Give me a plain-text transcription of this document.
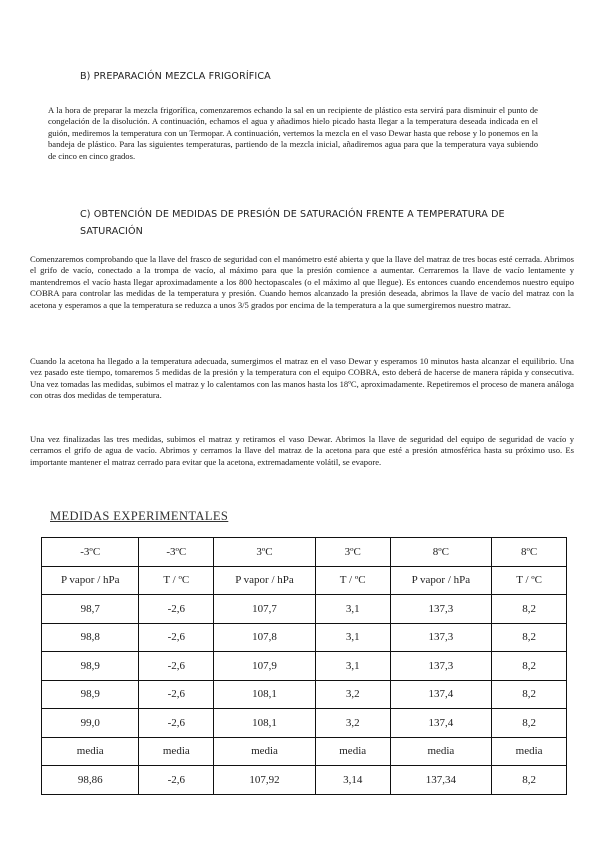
B) PREPARACIÓN MEZCLA FRIGORÍFICA
A la hora de preparar la mezcla frigorífica, comenzaremos echando la sal en un recipiente de plástico esta servirá para disminuir el punto de congelación de la disolución. A continuación, echamos el agua y añadimos hielo picado hasta llegar a la temperatura deseada indicada en el guión, mediremos la temperatura con un Termopar. A continuación, vertemos la mezcla en el vaso Dewar hasta que rebose y lo ponemos en la bandeja de plástico. Para las siguientes temperaturas, partiendo de la mezcla inicial, añadiremos agua para que la temperatura vaya subiendo de cinco en cinco grados.
C) OBTENCIÓN DE MEDIDAS DE PRESIÓN DE SATURACIÓN FRENTE A TEMPERATURA DE SATURACIÓN
Comenzaremos comprobando que la llave del frasco de seguridad con el manómetro esté abierta y que la llave del matraz de tres bocas esté cerrada. Abrimos el grifo de vacío, conectado a la trompa de vacío, al máximo para que la presión comience a aumentar. Cerraremos la llave de vacío lentamente y mantendremos el vacío hasta llegar aproximadamente a los 800 hectopascales (o el máximo al que llegue). Es entonces cuando encendemos nuestro equipo COBRA para controlar las medidas de la temperatura y presión. Cuando hemos alcanzado la presión deseada, abrimos la llave de vacío del matraz con la acetona y esperamos a que la temperatura se reduzca a unos 3/5 grados por encima de la temperatura a la que sumergiremos nuestro matraz.
Cuando la acetona ha llegado a la temperatura adecuada, sumergimos el matraz en el vaso Dewar y esperamos 10 minutos hasta alcanzar el equilibrio. Una vez pasado este tiempo, tomaremos 5 medidas de la presión y la temperatura con el equipo COBRA, esto deberá de hacerse de manera rápida y consecutiva. Una vez tomadas las medidas, subimos el matraz y lo calentamos con las manos hasta los 18ºC, aproximadamente. Repetiremos el proceso de manera análoga con otras dos medidas de temperatura.
Una vez finalizadas las tres medidas, subimos el matraz y retiramos el vaso Dewar. Abrimos la llave de seguridad del equipo de seguridad de vacío y cerramos el grifo de agua de vacío. Abrimos y cerramos la llave del matraz de la acetona para que esté a presión atmosférica hasta su próximo uso. Es importante mantener el matraz cerrado para evitar que la acetona, extremadamente volátil, se evapore.
MEDIDAS EXPERIMENTALES
-3ºC	-3ºC	3ºC	3ºC	8ºC	8ºC
P vapor / hPa	T / ºC	P vapor / hPa	T / ºC	P vapor / hPa	T / ºC
98,7	-2,6	107,7	3,1	137,3	8,2
98,8	-2,6	107,8	3,1	137,3	8,2
98,9	-2,6	107,9	3,1	137,3	8,2
98,9	-2,6	108,1	3,2	137,4	8,2
99,0	-2,6	108,1	3,2	137,4	8,2
media	media	media	media	media	media
98,86	-2,6	107,92	3,14	137,34	8,2
